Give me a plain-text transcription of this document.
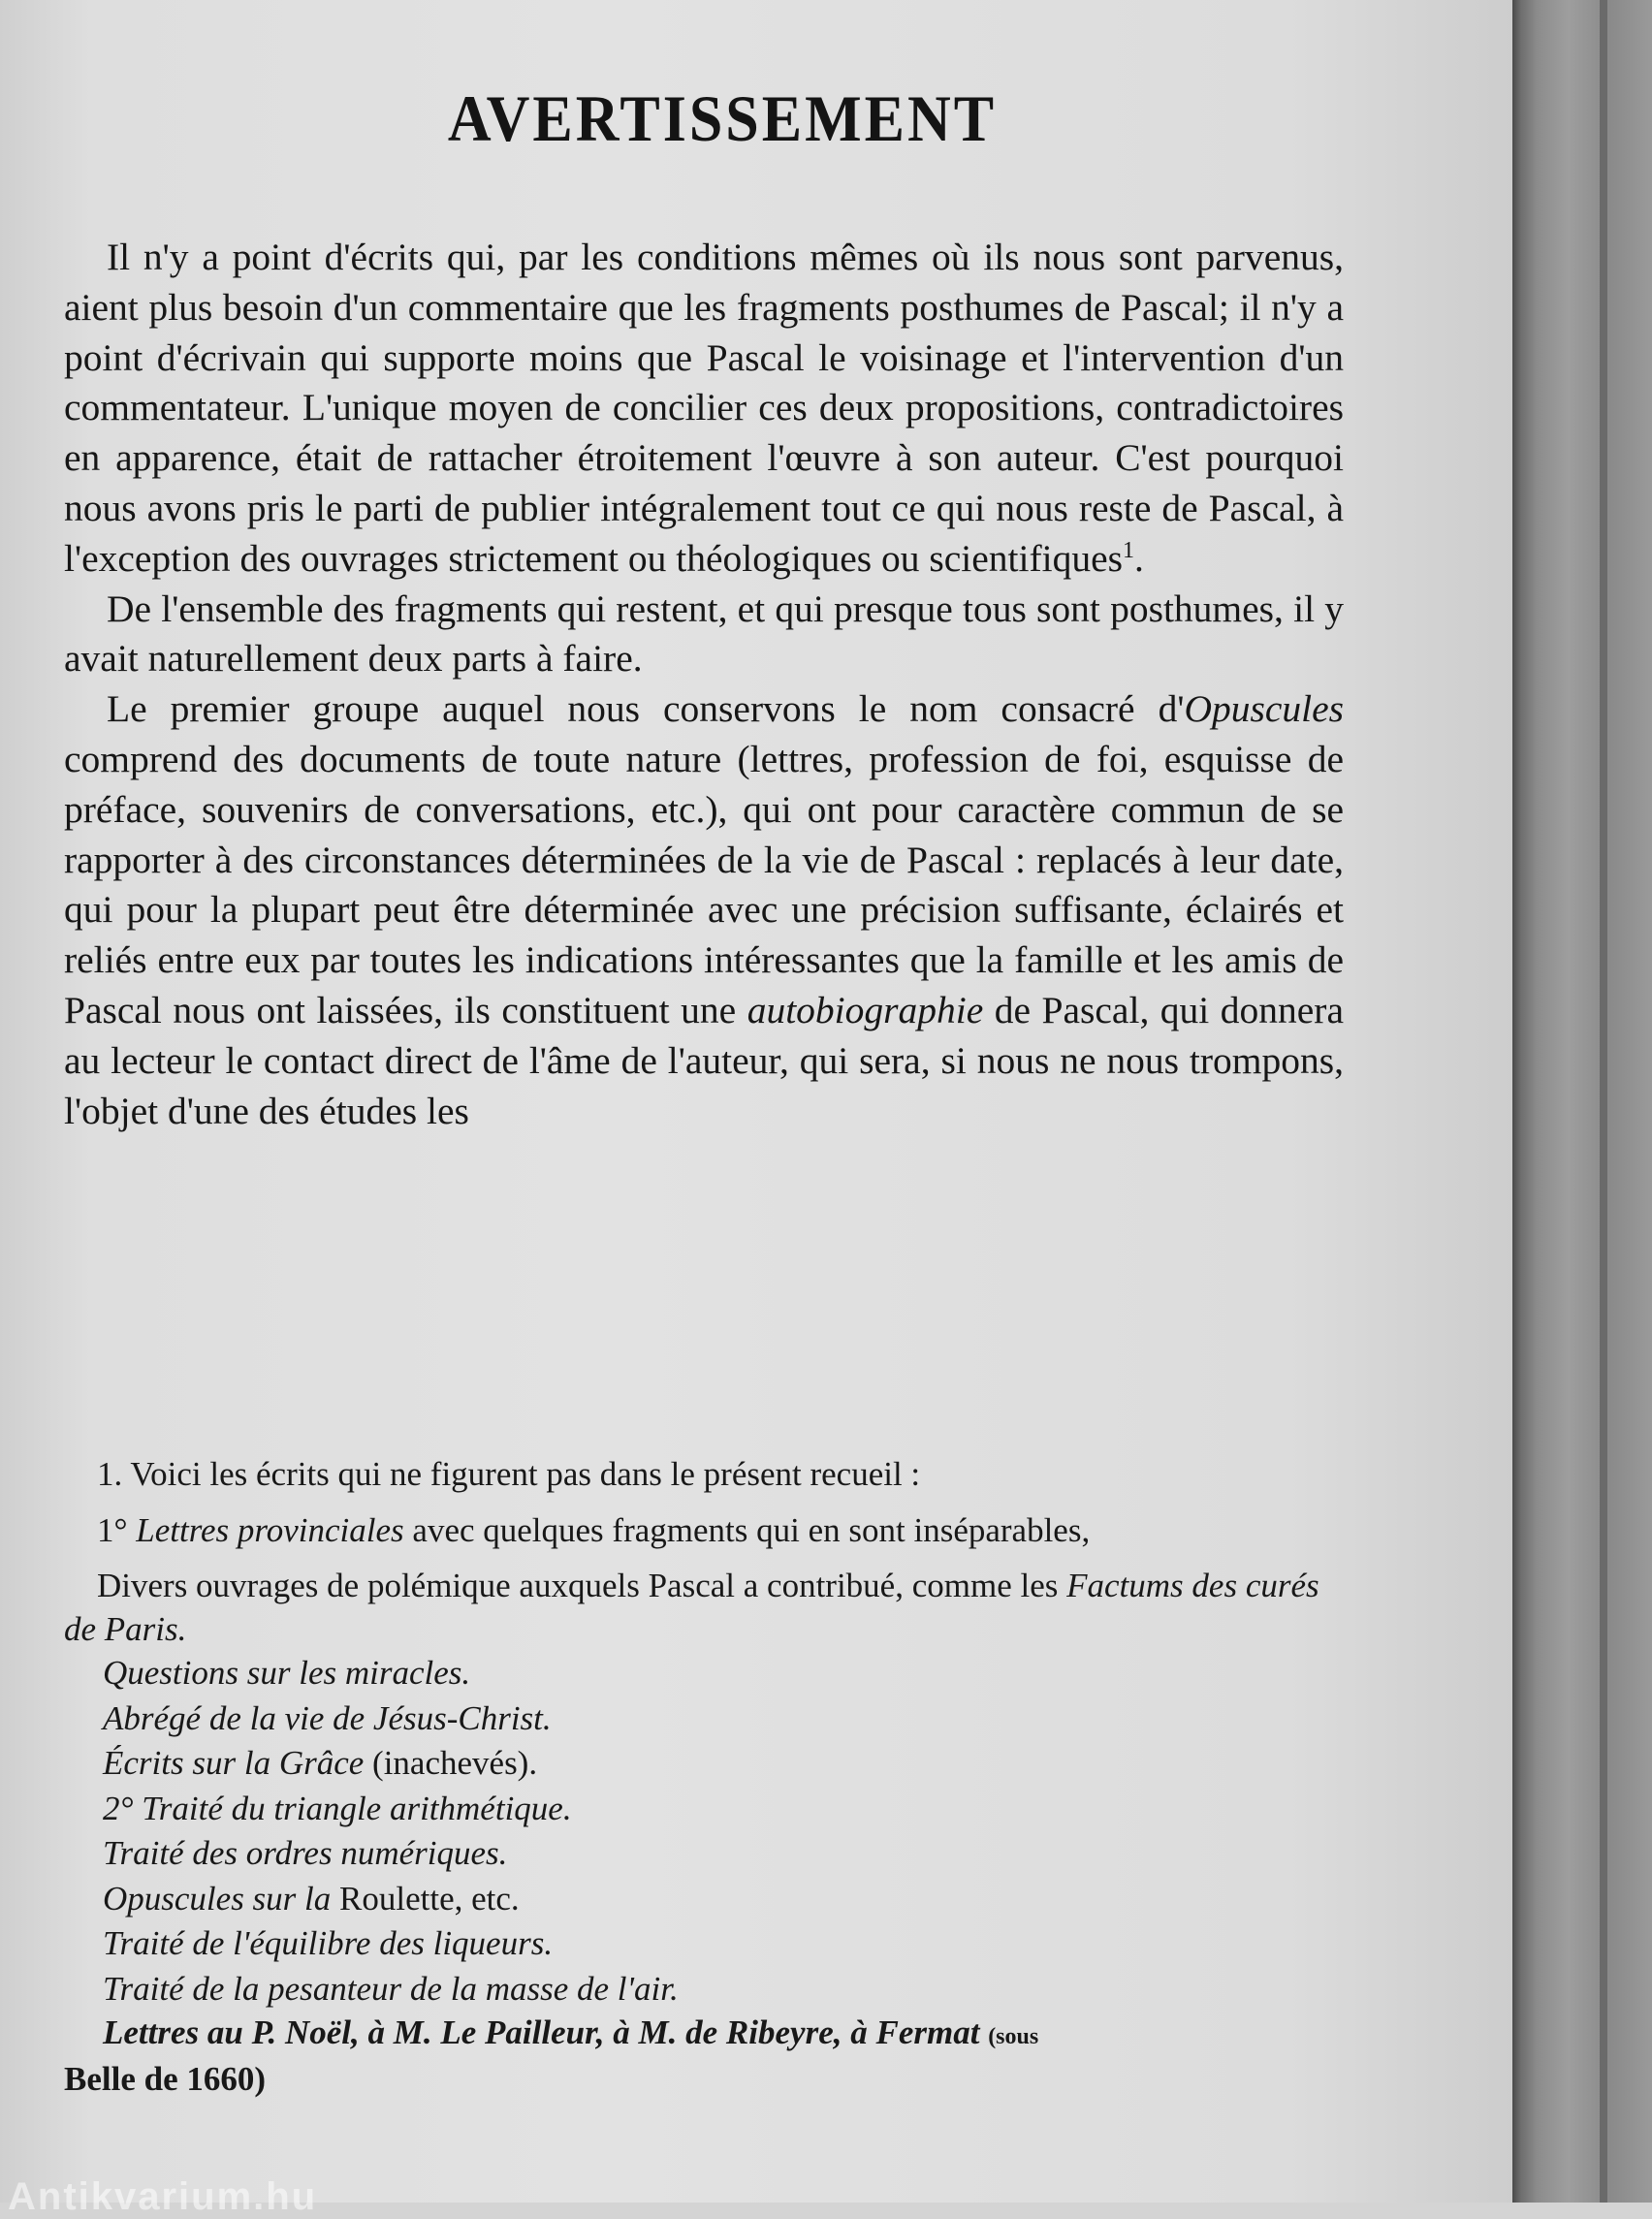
AVERTISSEMENT

Il n'y a point d'écrits qui, par les conditions mêmes où ils nous sont parvenus, aient plus besoin d'un commentaire que les fragments posthumes de Pascal; il n'y a point d'écrivain qui supporte moins que Pascal le voisinage et l'intervention d'un commentateur. L'unique moyen de concilier ces deux propositions, contradictoires en apparence, était de rattacher étroitement l'œuvre à son auteur. C'est pourquoi nous avons pris le parti de publier intégralement tout ce qui nous reste de Pascal, à l'exception des ouvrages strictement ou théologiques ou scientifiques$^1$.

De l'ensemble des fragments qui restent, et qui presque tous sont posthumes, il y avait naturellement deux parts à faire.

Le premier groupe auquel nous conservons le nom consacré d'Opuscules comprend des documents de toute nature (lettres, profession de foi, esquisse de préface, souvenirs de conversations, etc.), qui ont pour caractère commun de se rapporter à des circonstances déterminées de la vie de Pascal : replacés à leur date, qui pour la plupart peut être déterminée avec une précision suffisante, éclairés et reliés entre eux par toutes les indications intéressantes que la famille et les amis de Pascal nous ont laissées, ils constituent une autobiographie de Pascal, qui donnera au lecteur le contact direct de l'âme de l'auteur, qui sera, si nous ne nous trompons, l'objet d'une des études les

1. Voici les écrits qui ne figurent pas dans le présent recueil :

1° Lettres provinciales avec quelques fragments qui en sont inséparables,

Divers ouvrages de polémique auxquels Pascal a contribué, comme les Factums des curés de Paris.

Questions sur les miracles.
Abrégé de la vie de Jésus-Christ.
Écrits sur la Grâce (inachevés).
2° Traité du triangle arithmétique.
Traité des ordres numériques.
Opuscules sur la Roulette, etc.
Traité de l'équilibre des liqueurs.
Traité de la pesanteur de la masse de l'air.

Lettres au P. Noël, à M. Le Pailleur, à M. de Ribeyre, à Fermat (sous

Belle de 1660)

Antikvarium.hu
